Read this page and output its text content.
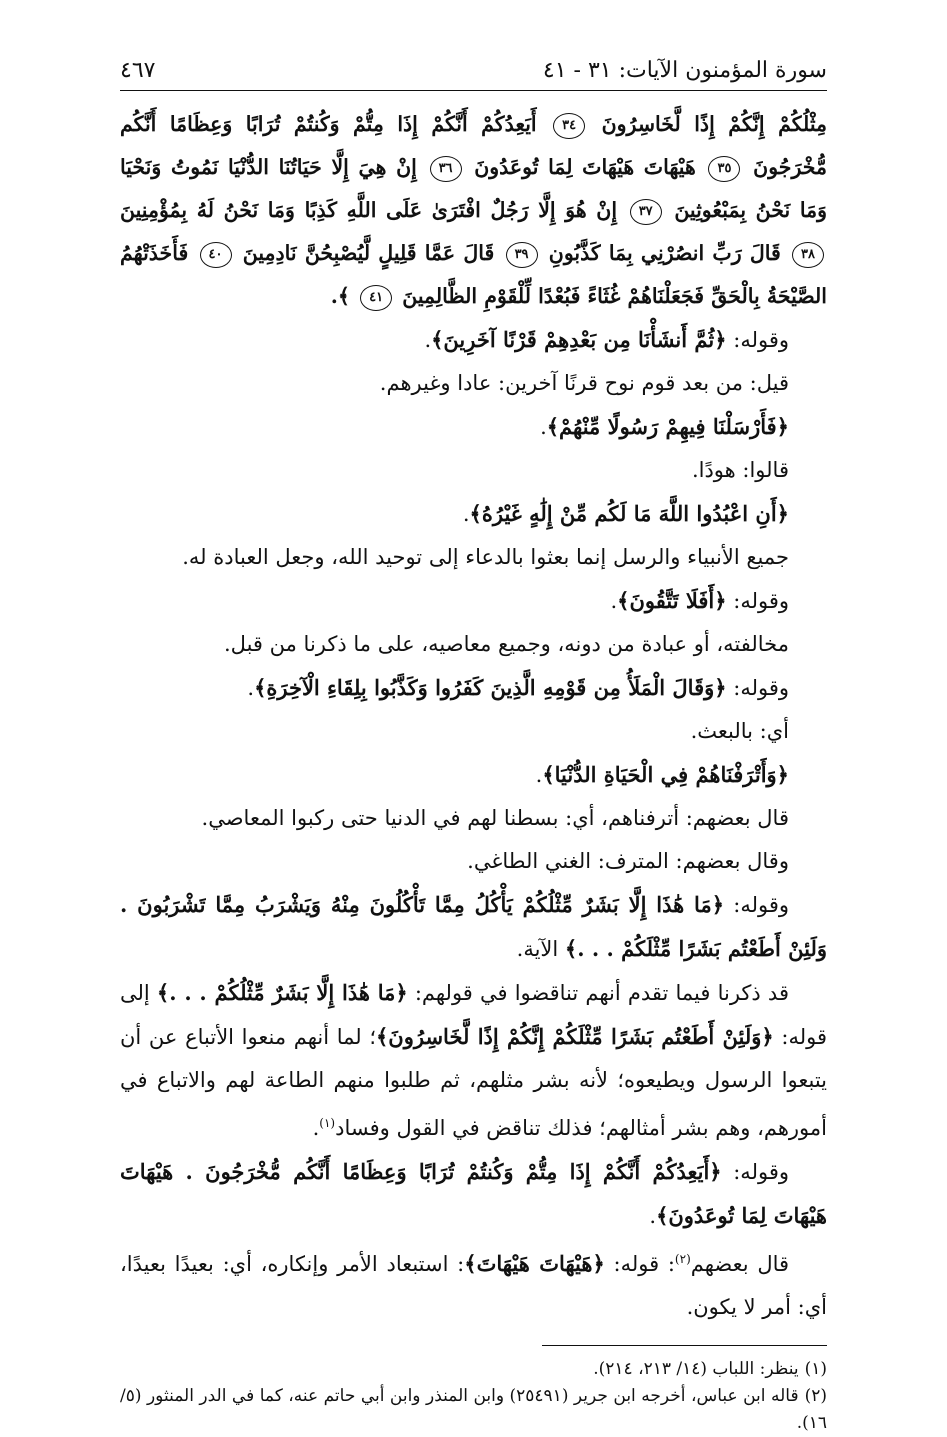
سورة المؤمنون الآيات: ٣١ - ٤١
٤٦٧
مِثْلُكُمْ إِنَّكُمْ إِذًا لَّخَاسِرُونَ ٣٤ أَيَعِدُكُمْ أَنَّكُمْ إِذَا مِتُّمْ وَكُنتُمْ تُرَابًا وَعِظَامًا أَنَّكُم مُّخْرَجُونَ ٣٥ هَيْهَاتَ هَيْهَاتَ لِمَا تُوعَدُونَ ٣٦ إِنْ هِيَ إِلَّا حَيَاتُنَا الدُّنْيَا نَمُوتُ وَنَحْيَا وَمَا نَحْنُ بِمَبْعُوثِينَ ٣٧ إِنْ هُوَ إِلَّا رَجُلٌ افْتَرَىٰ عَلَى اللَّهِ كَذِبًا وَمَا نَحْنُ لَهُ بِمُؤْمِنِينَ ٣٨ قَالَ رَبِّ انصُرْنِي بِمَا كَذَّبُونِ ٣٩ قَالَ عَمَّا قَلِيلٍ لَّيُصْبِحُنَّ نَادِمِينَ ٤٠ فَأَخَذَتْهُمُ الصَّيْحَةُ بِالْحَقِّ فَجَعَلْنَاهُمْ غُثَاءً فَبُعْدًا لِّلْقَوْمِ الظَّالِمِينَ ٤١ ﴾.

وقوله: ﴿ثُمَّ أَنشَأْنَا مِن بَعْدِهِمْ قَرْنًا آخَرِينَ﴾.

قيل: من بعد قوم نوح قرنًا آخرين: عادا وغيرهم.

﴿فَأَرْسَلْنَا فِيهِمْ رَسُولًا مِّنْهُمْ﴾.

قالوا: هودًا.

﴿أَنِ اعْبُدُوا اللَّهَ مَا لَكُم مِّنْ إِلَٰهٍ غَيْرُهُ﴾.

جميع الأنبياء والرسل إنما بعثوا بالدعاء إلى توحيد الله، وجعل العبادة له.

وقوله: ﴿أَفَلَا تَتَّقُونَ﴾.

مخالفته، أو عبادة من دونه، وجميع معاصيه، على ما ذكرنا من قبل.

وقوله: ﴿وَقَالَ الْمَلَأُ مِن قَوْمِهِ الَّذِينَ كَفَرُوا وَكَذَّبُوا بِلِقَاءِ الْآخِرَةِ﴾.

أي: بالبعث.

﴿وَأَتْرَفْنَاهُمْ فِي الْحَيَاةِ الدُّنْيَا﴾.

قال بعضهم: أترفناهم، أي: بسطنا لهم في الدنيا حتى ركبوا المعاصي.

وقال بعضهم: المترف: الغني الطاغي.

وقوله: ﴿مَا هَٰذَا إِلَّا بَشَرٌ مِّثْلُكُمْ يَأْكُلُ مِمَّا تَأْكُلُونَ مِنْهُ وَيَشْرَبُ مِمَّا تَشْرَبُونَ . وَلَئِنْ أَطَعْتُم بَشَرًا مِّثْلَكُمْ . . .﴾ الآية.

قد ذكرنا فيما تقدم أنهم تناقضوا في قولهم: ﴿مَا هَٰذَا إِلَّا بَشَرٌ مِّثْلُكُمْ . . .﴾ إلى قوله: ﴿وَلَئِنْ أَطَعْتُم بَشَرًا مِّثْلَكُمْ إِنَّكُمْ إِذًا لَّخَاسِرُونَ﴾؛ لما أنهم منعوا الأتباع عن أن يتبعوا الرسول ويطيعوه؛ لأنه بشر مثلهم، ثم طلبوا منهم الطاعة لهم والاتباع في أمورهم، وهم بشر أمثالهم؛ فذلك تناقض في القول وفساد$^{(١)}$.

وقوله: ﴿أَيَعِدُكُمْ أَنَّكُمْ إِذَا مِتُّمْ وَكُنتُمْ تُرَابًا وَعِظَامًا أَنَّكُم مُّخْرَجُونَ . هَيْهَاتَ هَيْهَاتَ لِمَا تُوعَدُونَ﴾.

قال بعضهم$^{(٢)}$: قوله: ﴿هَيْهَاتَ هَيْهَاتَ﴾: استبعاد الأمر وإنكاره، أي: بعيدًا بعيدًا، أي: أمر لا يكون.

(١)ينظر: اللباب (١٤/ ٢١٣، ٢١٤).

(٢)قاله ابن عباس، أخرجه ابن جرير (٢٥٤٩١) وابن المنذر وابن أبي حاتم عنه، كما في الدر المنثور (٥/ ١٦).
